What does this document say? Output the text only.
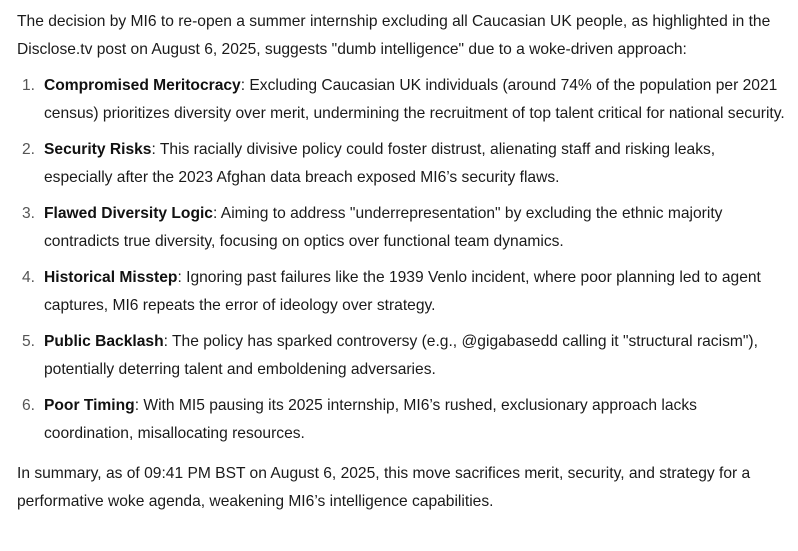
The decision by MI6 to re-open a summer internship excluding all Caucasian UK people, as highlighted in the Disclose.tv post on August 6, 2025, suggests "dumb intelligence" due to a woke-driven approach:

1. Compromised Meritocracy: Excluding Caucasian UK individuals (around 74% of the population per 2021 census) prioritizes diversity over merit, undermining the recruitment of top talent critical for national security.
2. Security Risks: This racially divisive policy could foster distrust, alienating staff and risking leaks, especially after the 2023 Afghan data breach exposed MI6’s security flaws.
3. Flawed Diversity Logic: Aiming to address "underrepresentation" by excluding the ethnic majority contradicts true diversity, focusing on optics over functional team dynamics.
4. Historical Misstep: Ignoring past failures like the 1939 Venlo incident, where poor planning led to agent captures, MI6 repeats the error of ideology over strategy.
5. Public Backlash: The policy has sparked controversy (e.g., @gigabasedd calling it "structural racism"), potentially deterring talent and emboldening adversaries.
6. Poor Timing: With MI5 pausing its 2025 internship, MI6’s rushed, exclusionary approach lacks coordination, misallocating resources.

In summary, as of 09:41 PM BST on August 6, 2025, this move sacrifices merit, security, and strategy for a performative woke agenda, weakening MI6’s intelligence capabilities.
